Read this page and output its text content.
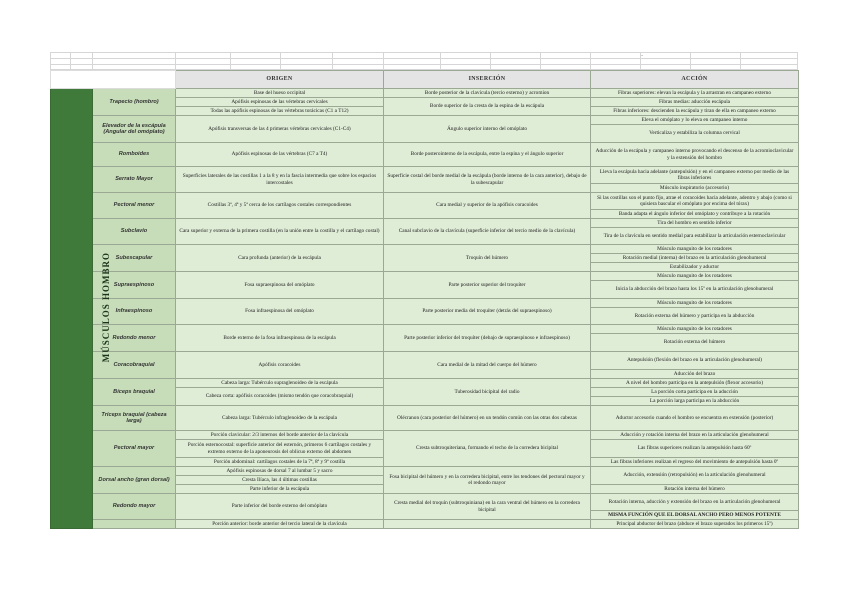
-
		ORIGEN	INSERCIÓN	ACCIÓN
MÚSCULOS HOMBRO	Trapecio (hombro)	Base del hueso occipital	Borde posterior de la clavícula (tercio externo) y acromion	Fibras superiores: elevan la escápula y la arrastran en campaneo externo
		Apófisis espinosas de las vértebras cervicales	Borde superior de la cresta de la espina de la escápula	Fibras medias: aducción escápula
		Todas las apófisis espinosas de las vértebras torácicas (C1 a T12)		Fibras inferiores: descienden la escápula y tiran de ella en campaneo externo
	Elevador de la escápula (Angular del omóplato)	Apófisis transversas de las 4 primeras vértebras cervicales (C1-C4)	Ángulo superior interno del omóplato	Eleva el omóplato y lo eleva en campaneo interno
				Verticaliza y estabiliza la columna cervical
	Romboides	Apófisis espinosas de las vértebras (C7 a T4)	Borde posterointerno de la escápula, entre la espina y el ángulo superior	Aducción de la escápula y campaneo interno provocando el descenso de la acromioclavicular y la extensión del hombro
	Serrato Mayor	Superficies laterales de las costillas 1 a la 8 y en la fascia intermedia que sobre los espacios intercostales	Superficie costal del borde medial de la escápula (borde interno de la cara anterior), debajo de la subescapular	Lleva la escápula hacia adelante (antepulsión) y en el campaneo externo por medio de las fibras inferiores
				Músculo inspiratorio (accesorio)
	Pectoral menor	Costillas 3ª, 4ª y 5ª cerca de los cartílagos costales correspondientes	Cara medial y superior de la apófisis coracoides	Si las costillas son el punto fijo, atrae el coracoides hacia adelante, adentro y abajo (como si quisiera bascular el omóplato por encima del tórax)
				Banda adapta el ángulo inferior del omóplato y contribuye a la rotación
	Subclavio	Cara superior y externa de la primera costilla (en la unión entre la costilla y el cartílago costal)	Canal subclavio de la clavícula (superficie inferior del tercio medio de la clavícula)	Tira del hombro en sentido inferior
				Tira de la clavícula en sentido medial para estabilizar la articulación esternoclavicular
	Subescapular	Cara profunda (anterior) de la escápula	Troquín del húmero	Músculo manguito de los rotadores
				Rotación medial (interna) del brazo en la articulación glenohumeral
				Estabilizador y aductor
	Supraespinoso	Fosa supraespinosa del omóplato	Parte posterior superior del troquíter	Músculo manguito de los rotadores
				Inicia la abducción del brazo hasta los 15º en la articulación glenohumeral
	Infraespinoso	Fosa infraespinosa del omóplato	Parte posterior media del troquíter (detrás del supraespinoso)	Músculo manguito de los rotadores
				Rotación externa del húmero y participa en la abducción
	Redondo menor	Borde externo de la fosa infraespinosa de la escápula	Parte posterior inferior del troquíter (debajo de supraespinoso e infraespinoso)	Músculo manguito de los rotadores
				Rotación externa del húmero
	Coracobraquial	Apófisis coracoides	Cara medial de la mitad del cuerpo del húmero	Antepulsión (flexión del brazo en la articulación glenohumeral)
				Aducción del brazo
	Bíceps braquial	Cabeza larga: Tubérculo supraglenoideo de la escápula	Tuberosidad bicipital del radio	A nivel del hombro participa en la antepulsión (flexor accesorio)
		Cabeza corta: apófisis coracoides (mismo tendón que coracobraquial)		La porción corta participa en la aducción
				La porción larga participa en la abducción
	Tríceps braquial (cabeza larga)	Cabeza larga: Tubérculo infraglenoideo de la escápula	Olécranon (cara posterior del húmero) en un tendón común con las otras dos cabezas	Aductor accesorio cuando el hombro se encuentra en extensión (posterior)
	Pectoral mayor	Porción clavicular: 2/3 internos del borde anterior de la clavícula	Cresta subtroquiteriana, formando el techo de la corredera bicipital	Aducción y rotación interna del brazo en la articulación glenohumeral
		Porción esternocostal: superficie anterior del esternón, primeros 6 cartílagos costales y extremo externo de la aponeurosis del oblicuo externo del abdomen		Las fibras superiores realizan la antepulsión hasta 60º
		Porción abdominal: cartílagos costales de la 7ª, 8ª y 9ª costilla		Las fibras inferiores realizan el regreso del movimiento de antepulsión hasta 0º
	Dorsal ancho (gran dorsal)	Apófisis espinosas de dorsal 7 al lumbar 5 y sacro	Fosa bicipital del húmero y en la corredera bicipital, entre los tendones del pectoral mayor y el redondo mayor	Aducción, extensión (retropulsión) en la articulación glenohumeral
		Cresta Ilíaca, las 4 últimas costillas		
		Parte inferior de la escápula		Rotación interna del húmero
	Redondo mayor	Parte inferior del borde externo del omóplato	Cresta medial del troquín (subtroquiniana) en la cara ventral del húmero en la corredera bicipital	Rotación interna, aducción y extensión del brazo en la articulación glenohumeral
				MISMA FUNCIÓN QUE EL DORSAL ANCHO PERO MENOS POTENTE
		Porción anterior: borde anterior del tercio lateral de la clavícula		Principal abductor del brazo (abduce el brazo superados los primeros 15º)
